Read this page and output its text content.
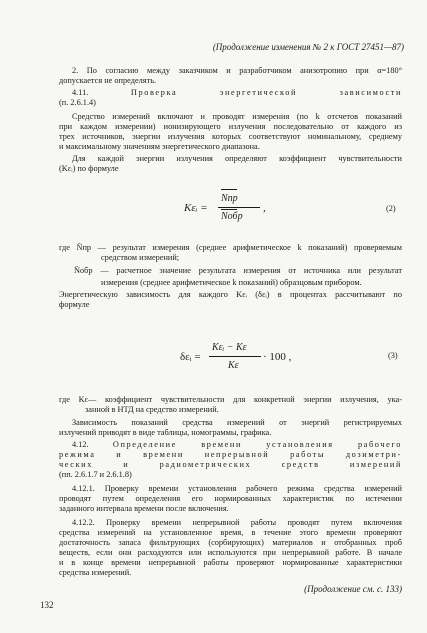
(Продолжение изменения № 2 к ГОСТ 27451—87)
2. По согласию между заказчиком и разработчиком анизотропию при α=180°
допускается не определять.
4.11.	Проверка	энергетической	зависимости
(п. 2.6.1.4)
Средство измерений включают и проводят измерения (по k отсчетов показаний
при каждом измерении) ионизирующего излучения последовательно от каждого из
трех источников, энергии излучения которых соответствуют номинальному, среднему
и максимальному значениям энергетического диапазона.
Для каждой энергии излучения определяют коэффициент чувствительности
(Kεᵢ) по формуле
Kεᵢ =
Nпр
Nобр
,	(2)
где N̄пр — результат измерения (среднее арифметическое k показаний) проверяемым
средством измерений;
N̄обр — расчетное значение результата измерения от источника или результат
измерения (среднее арифметическое k показаний) образцовым прибором.
Энергетическую зависимость для каждого Kεᵢ (δεᵢ) в процентах рассчитывают по
формуле
δεᵢ =
Kεᵢ − Kε
Kε
· 100 ,	(3)
где Kε— коэффициент чувствительности для конкретной энергии излучения, ука-
занной в НТД на средство измерений.
Зависимость показаний средства измерений от энергий регистрируемых
излучений приводят в виде таблицы, номограммы, графика.
4.12.	Определение	времени	установления	рабочего
режима	и	времени	непрерывной	работы	дозиметри-
ческих	и	радиометрических	средств	измерений
(пп. 2.6.1.7 и 2.6.1.8)
4.12.1. Проверку времени установления рабочего режима средства измерений
проводят путем определения его нормированных характеристик по истечении
заданного интервала времени после включения.
4.12.2. Проверку времени непрерывной работы проводят путем включения
средства измерений на установленное время, в течение этого времени проверяют
достаточность запаса фильтрующих (сорбирующих) материалов и отобранных проб
веществ, если они расходуются или используются при непрерывной работе. В начале
и в конце времени непрерывной работы проверяют нормированные характеристики
средства измерений.
(Продолжение см. с. 133)
132
